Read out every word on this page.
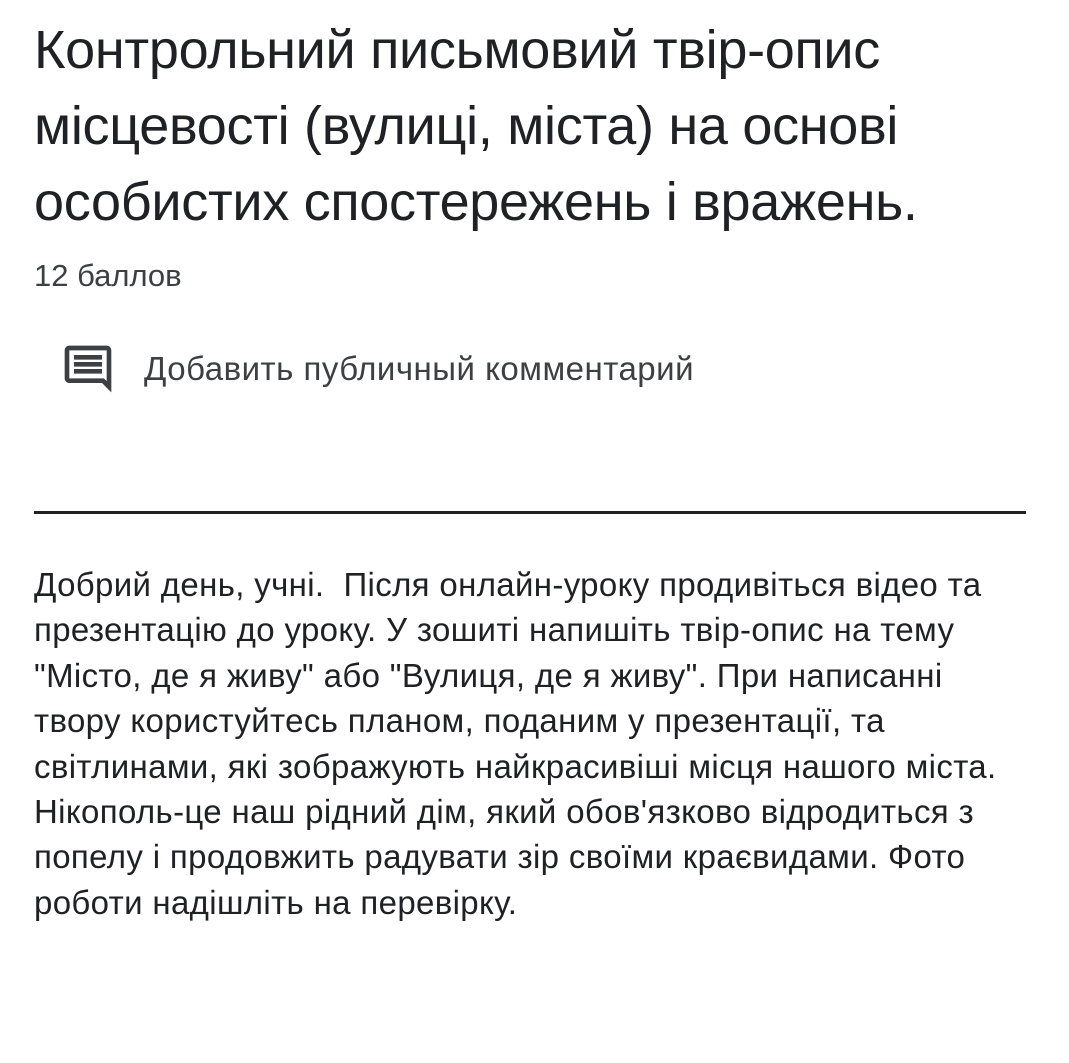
Контрольний письмовий твір-опис місцевості (вулиці, міста) на основі особистих спостережень і вражень.
12 баллов
Добавить публичный комментарий

Добрий день, учні.  Після онлайн-уроку продивіться відео та презентацію до уроку. У зошиті напишіть твір-опис на тему "Місто, де я живу" або "Вулиця, де я живу". При написанні твору користуйтесь планом, поданим у презентації, та світлинами, які зображують найкрасивіші місця нашого міста. Нікополь-це наш рідний дім, який обов'язково відродиться з попелу і продовжить радувати зір своїми краєвидами. Фото роботи надішліть на перевірку.
